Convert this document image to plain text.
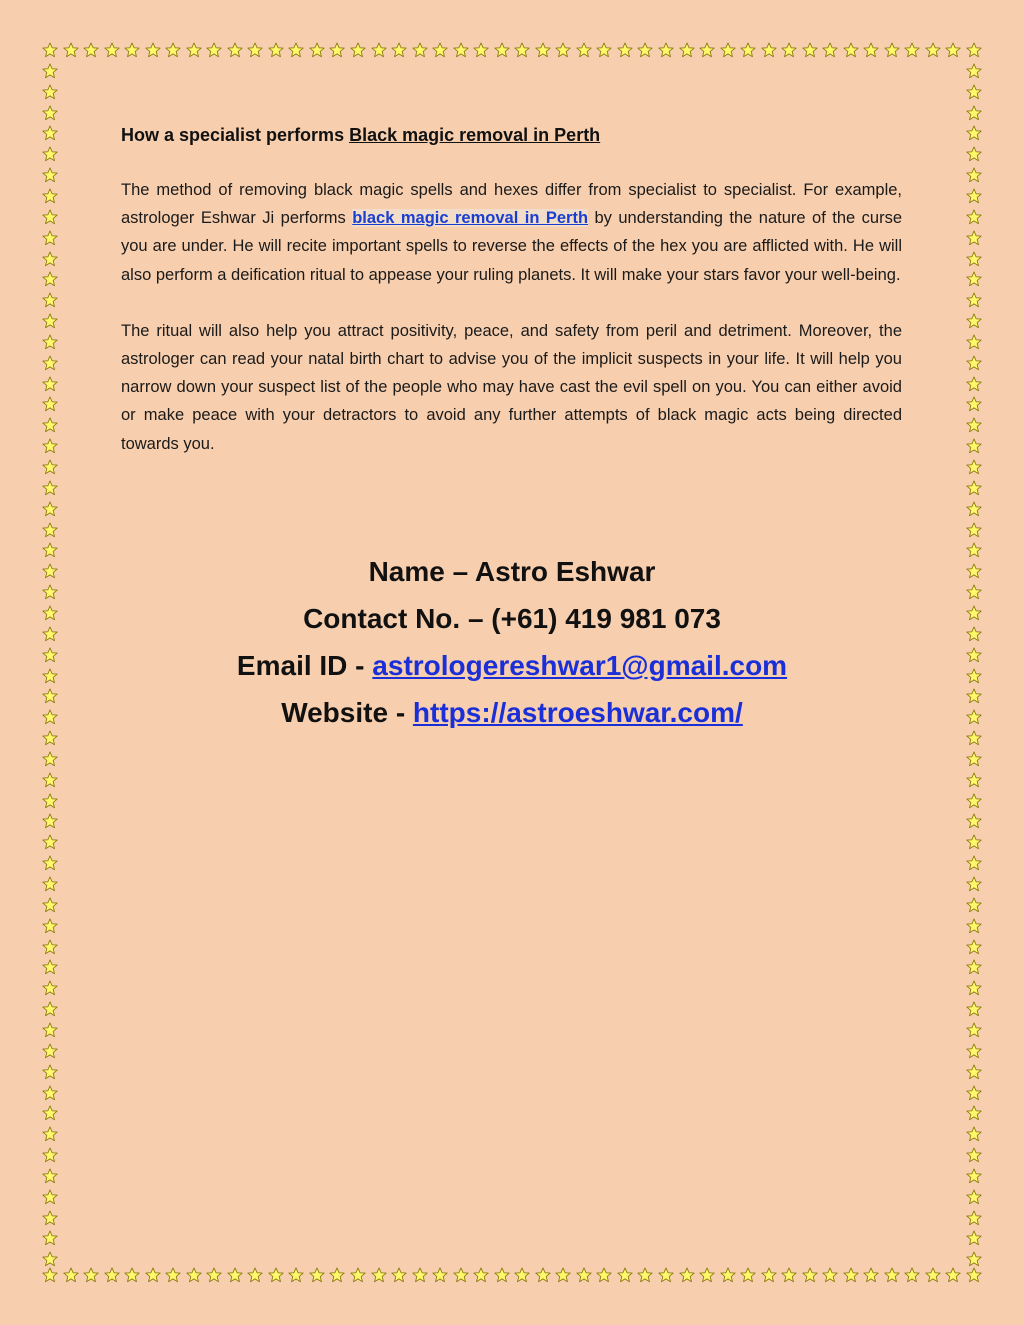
How a specialist performs Black magic removal in Perth

The method of removing black magic spells and hexes differ from specialist to specialist. For example, astrologer Eshwar Ji performs black magic removal in Perth by understanding the nature of the curse you are under. He will recite important spells to reverse the effects of the hex you are afflicted with. He will also perform a deification ritual to appease your ruling planets. It will make your stars favor your well-being.

The ritual will also help you attract positivity, peace, and safety from peril and detriment. Moreover, the astrologer can read your natal birth chart to advise you of the implicit suspects in your life. It will help you narrow down your suspect list of the people who may have cast the evil spell on you. You can either avoid or make peace with your detractors to avoid any further attempts of black magic acts being directed towards you.

Name – Astro Eshwar
Contact No. – (+61) 419 981 073
Email ID - astrologereshwar1@gmail.com
Website - https://astroeshwar.com/
